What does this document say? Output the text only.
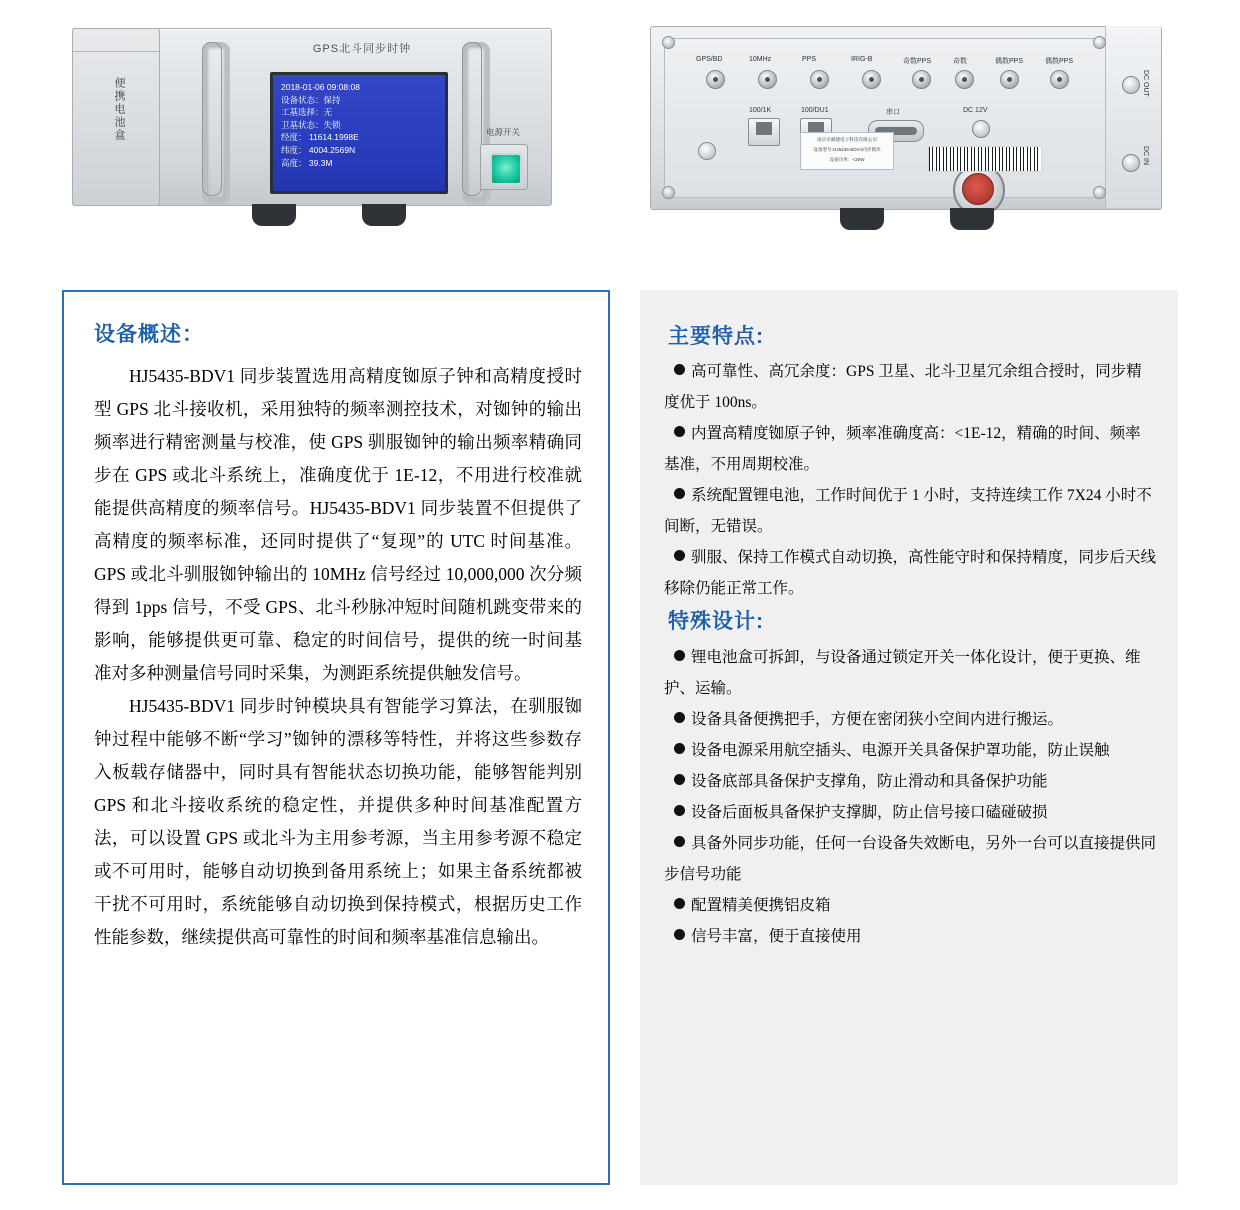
便携电池盒
GPS北斗同步时钟
2018-01-06 09:08:08
设备状态：保持
工基选择：无
卫基状态：失锁
经度： 11614.1998E
纬度： 4004.2569N
高度： 39.3M
电源开关
GPS/BD	10MHz	PPS	IRIG-B	奇数PPS	奇数	偶数PPS	偶数PPS
100/1K	100/DU1	串口	DC 12V
南京市赫捷电子科技有限公司
设备型号:HJ5435-BDV1同步模块
设备功率：<20W
DC OUT
DC IN
设备概述：

HJ5435-BDV1 同步装置选用高精度铷原子钟和高精度授时型 GPS 北斗接收机，采用独特的频率测控技术，对铷钟的输出频率进行精密测量与校准，使 GPS 驯服铷钟的输出频率精确同步在 GPS 或北斗系统上，准确度优于 1E-12，不用进行校准就能提供高精度的频率信号。HJ5435-BDV1 同步装置不但提供了高精度的频率标准，还同时提供了“复现”的 UTC 时间基准。GPS 或北斗驯服铷钟输出的 10MHz 信号经过 10,000,000 次分频得到 1pps 信号，不受 GPS、北斗秒脉冲短时间随机跳变带来的影响，能够提供更可靠、稳定的时间信号，提供的统一时间基准对多种测量信号同时采集，为测距系统提供触发信号。

HJ5435-BDV1 同步时钟模块具有智能学习算法，在驯服铷钟过程中能够不断“学习”铷钟的漂移等特性，并将这些参数存入板载存储器中，同时具有智能状态切换功能，能够智能判别 GPS 和北斗接收系统的稳定性，并提供多种时间基准配置方法，可以设置 GPS 或北斗为主用参考源，当主用参考源不稳定或不可用时，能够自动切换到备用系统上；如果主备系统都被干扰不可用时，系统能够自动切换到保持模式，根据历史工作性能参数，继续提供高可靠性的时间和频率基准信息输出。

主要特点:
高可靠性、高冗余度：GPS 卫星、北斗卫星冗余组合授时，同步精度优于 100ns。
内置高精度铷原子钟，频率准确度高：<1E-12，精确的时间、频率基准，不用周期校准。
系统配置锂电池，工作时间优于 1 小时，支持连续工作 7X24 小时不间断，无错误。
驯服、保持工作模式自动切换，高性能守时和保持精度，同步后天线移除仍能正常工作。
特殊设计:
锂电池盒可拆卸，与设备通过锁定开关一体化设计，便于更换、维护、运输。
设备具备便携把手，方便在密闭狭小空间内进行搬运。
设备电源采用航空插头、电源开关具备保护罩功能，防止误触
设备底部具备保护支撑角，防止滑动和具备保护功能
设备后面板具备保护支撑脚，防止信号接口磕碰破损
具备外同步功能，任何一台设备失效断电，另外一台可以直接提供同步信号功能
配置精美便携铝皮箱
信号丰富，便于直接使用
